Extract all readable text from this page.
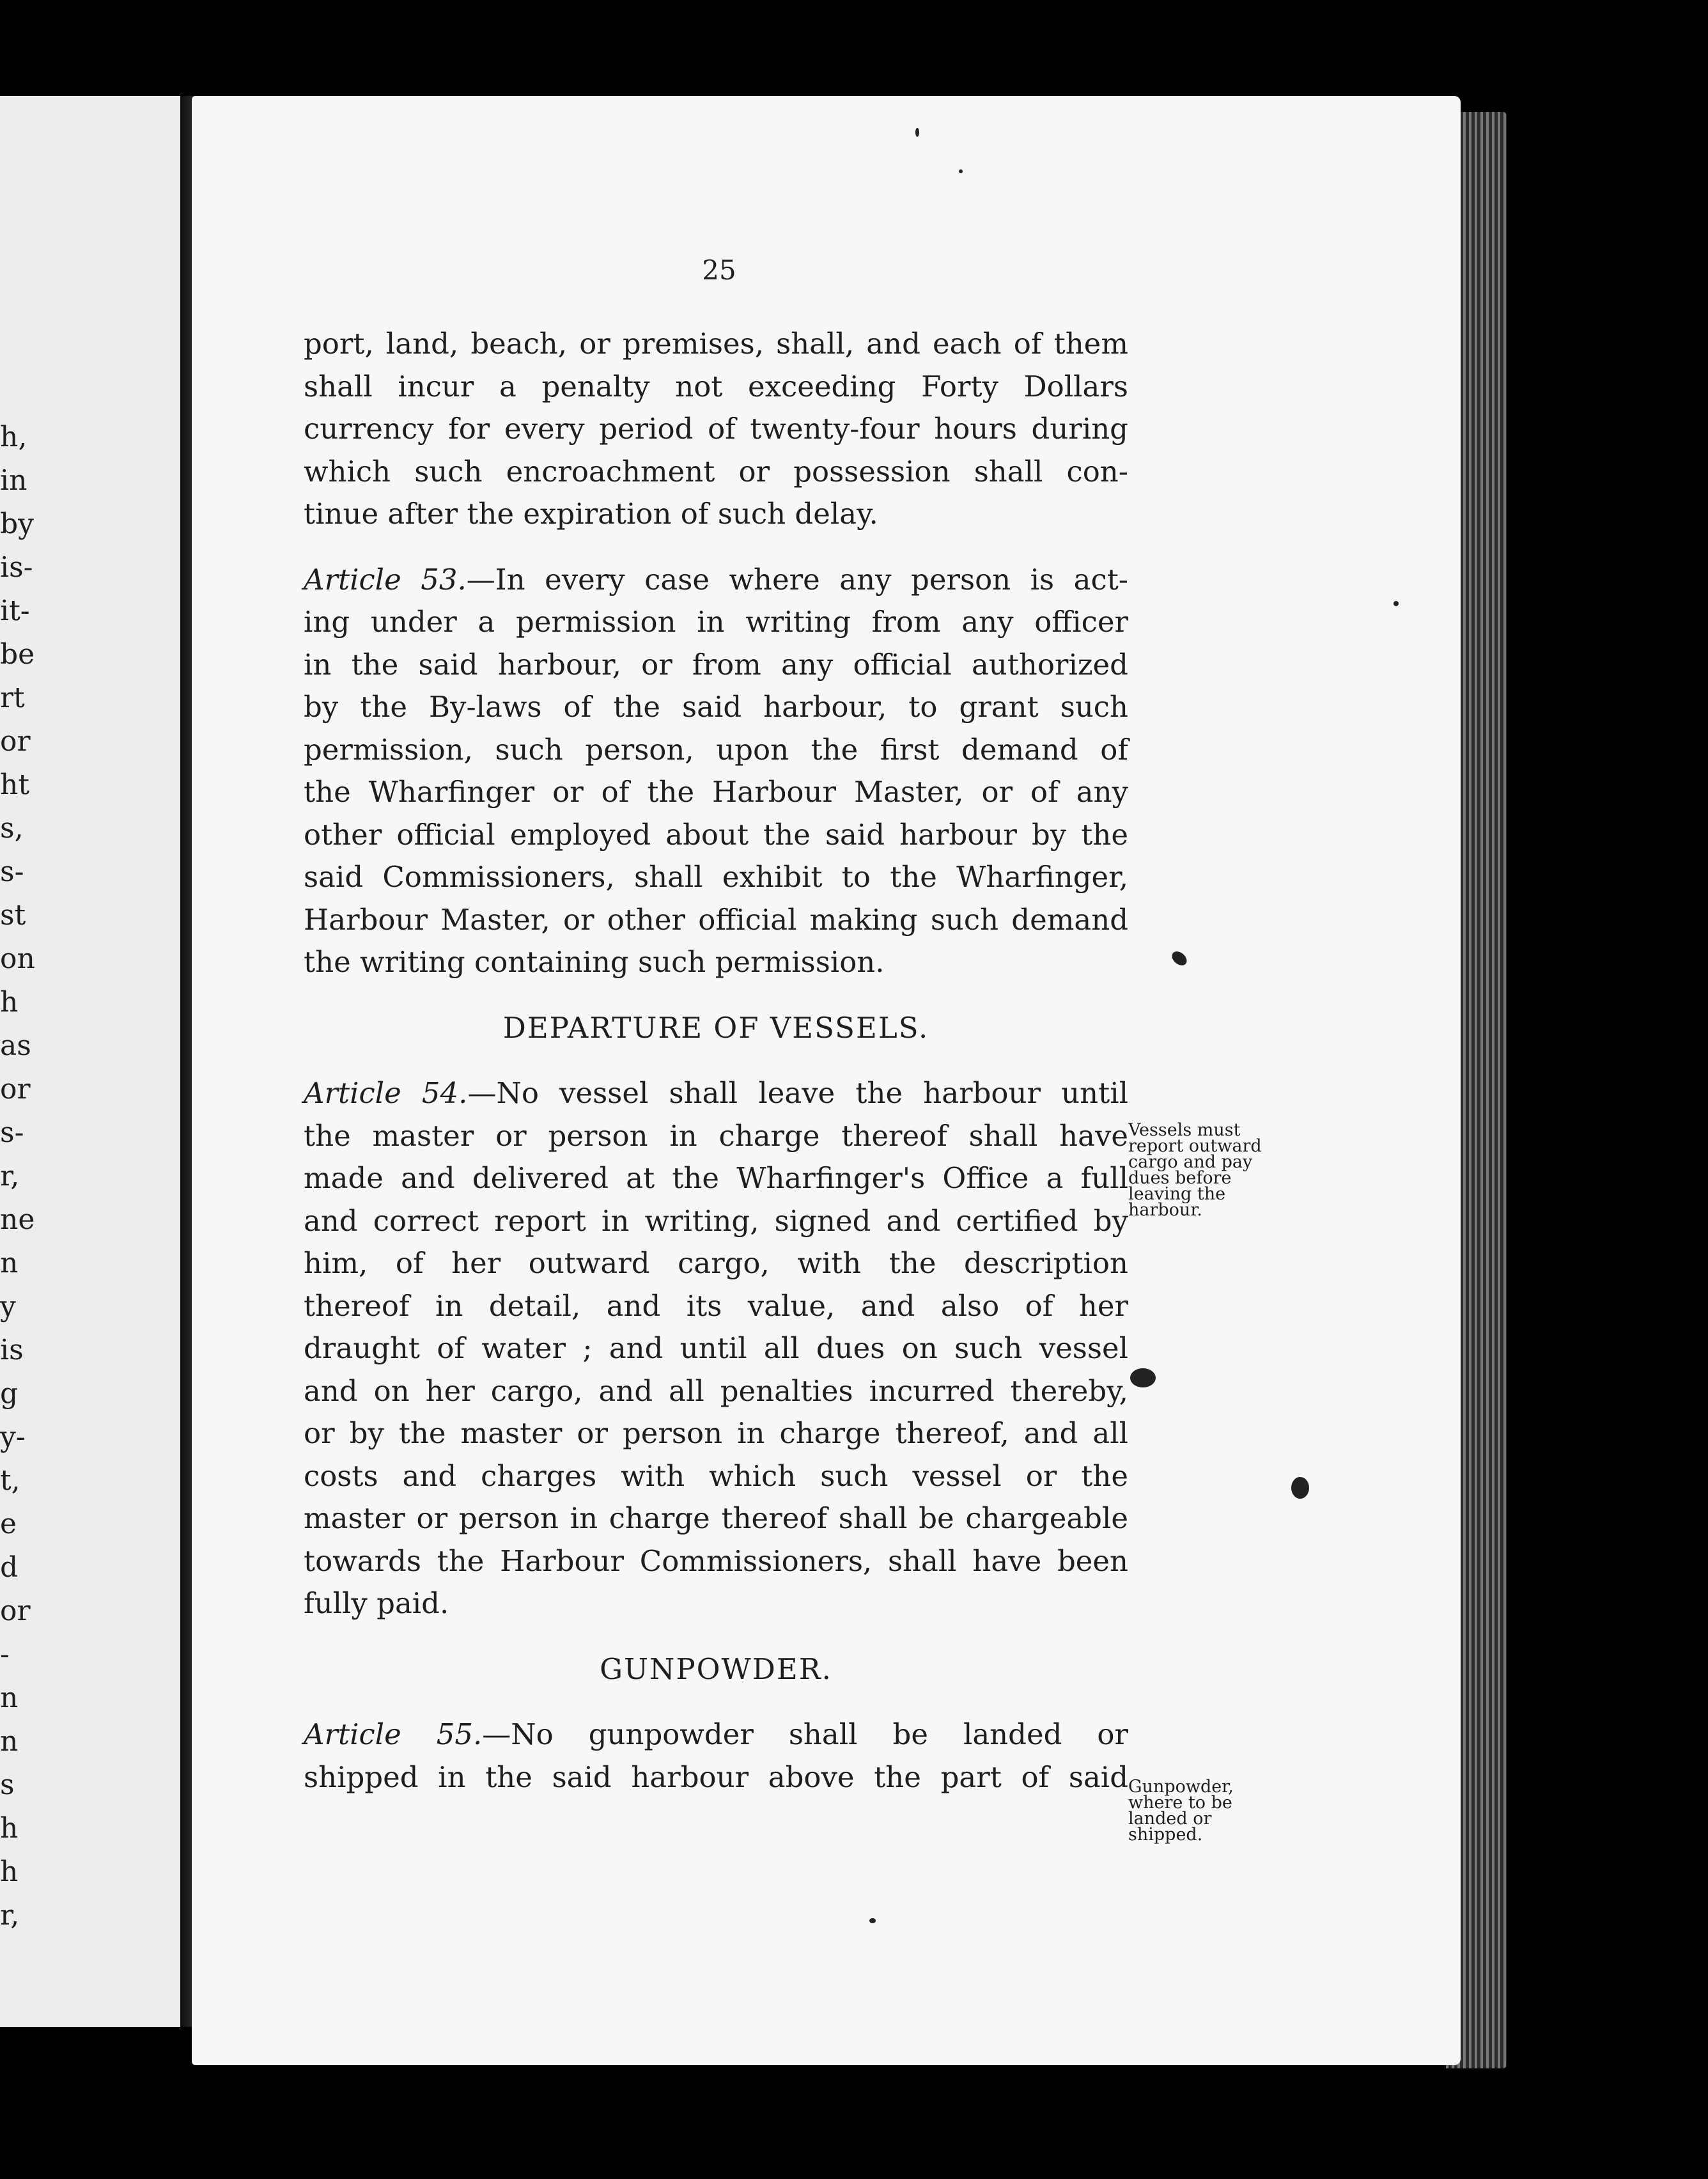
h,
in
by
is-
it-
be
rt
or
ht
s,
s-
st
on
h
as
or
s-
r,
ne
n
y
is
g
y-
t,
e
d
or
-
n
n
s
h
h
r,
25
port, land, beach, or premises, shall, and each of them
shall incur a penalty not exceeding Forty Dollars
currency for every period of twenty-four hours during
which such encroachment or possession shall con-
tinue after the expiration of such delay.
Article 53.—In every case where any person is act-
ing under a permission in writing from any officer
in the said harbour, or from any official authorized
by the By-laws of the said harbour, to grant such
permission, such person, upon the first demand of
the Wharfinger or of the Harbour Master, or of any
other official employed about the said harbour by the
said Commissioners, shall exhibit to the Wharfinger,
Harbour Master, or other official making such demand
the writing containing such permission.
DEPARTURE OF VESSELS.
Article 54.—No vessel shall leave the harbour until
the master or person in charge thereof shall have
made and delivered at the Wharfinger's Office a full
and correct report in writing, signed and certified by
him, of her outward cargo, with the description
thereof in detail, and its value, and also of her
draught of water ; and until all dues on such vessel
and on her cargo, and all penalties incurred thereby,
or by the master or person in charge thereof, and all
costs and charges with which such vessel or the
master or person in charge thereof shall be chargeable
towards the Harbour Commissioners, shall have been
fully paid.
GUNPOWDER.
Article 55.—No gunpowder shall be landed or
shipped in the said harbour above the part of said
Vessels must
report outward
cargo and pay
dues before
leaving the
harbour.
Gunpowder,
where to be
landed or
shipped.
